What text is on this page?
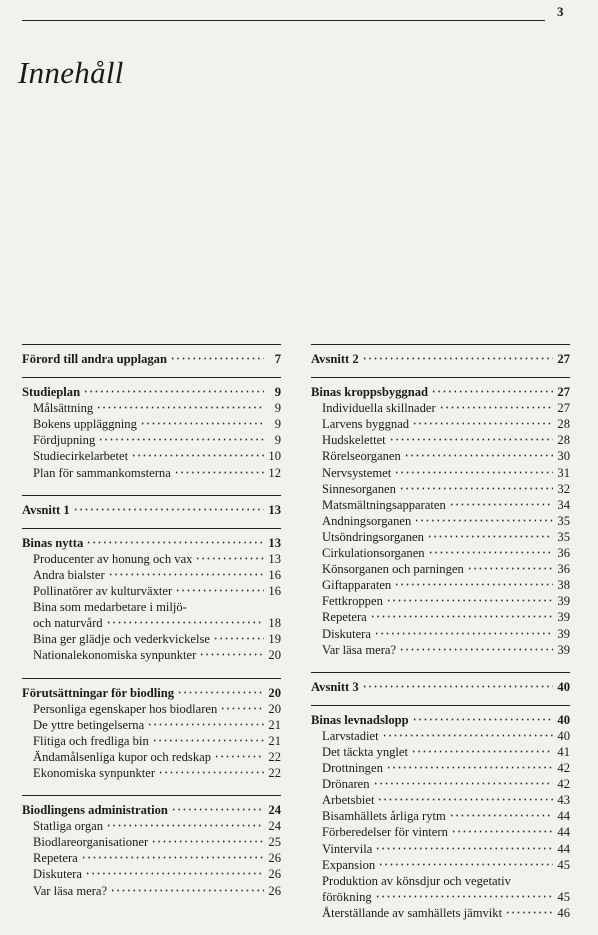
3
Innehåll
Förord till andra upplagan	7
Studieplan	9
Målsättning	9
Bokens uppläggning	9
Fördjupning	9
Studiecirkelarbetet	10
Plan för sammankomsterna	12
Avsnitt 1	13
Binas nytta	13
Producenter av honung och vax	13
Andra bialster	16
Pollinatörer av kulturväxter	16
Bina som medarbetare i miljö-
och naturvård	18
Bina ger glädje och vederkvickelse	19
Nationalekonomiska synpunkter	20
Förutsättningar för biodling	20
Personliga egenskaper hos biodlaren	20
De yttre betingelserna	21
Flitiga och fredliga bin	21
Ändamålsenliga kupor och redskap	22
Ekonomiska synpunkter	22
Biodlingens administration	24
Statliga organ	24
Biodlareorganisationer	25
Repetera	26
Diskutera	26
Var läsa mera?	26
Avsnitt 2	27
Binas kroppsbyggnad	27
Individuella skillnader	27
Larvens byggnad	28
Hudskelettet	28
Rörelseorganen	30
Nervsystemet	31
Sinnesorganen	32
Matsmältningsapparaten	34
Andningsorganen	35
Utsöndringsorganen	35
Cirkulationsorganen	36
Könsorganen och parningen	36
Giftapparaten	38
Fettkroppen	39
Repetera	39
Diskutera	39
Var läsa mera?	39
Avsnitt 3	40
Binas levnadslopp	40
Larvstadiet	40
Det täckta ynglet	41
Drottningen	42
Drönaren	42
Arbetsbiet	43
Bisamhällets årliga rytm	44
Förberedelser för vintern	44
Vintervila	44
Expansion	45
Produktion av könsdjur och vegetativ
förökning	45
Återställande av samhällets jämvikt	46
